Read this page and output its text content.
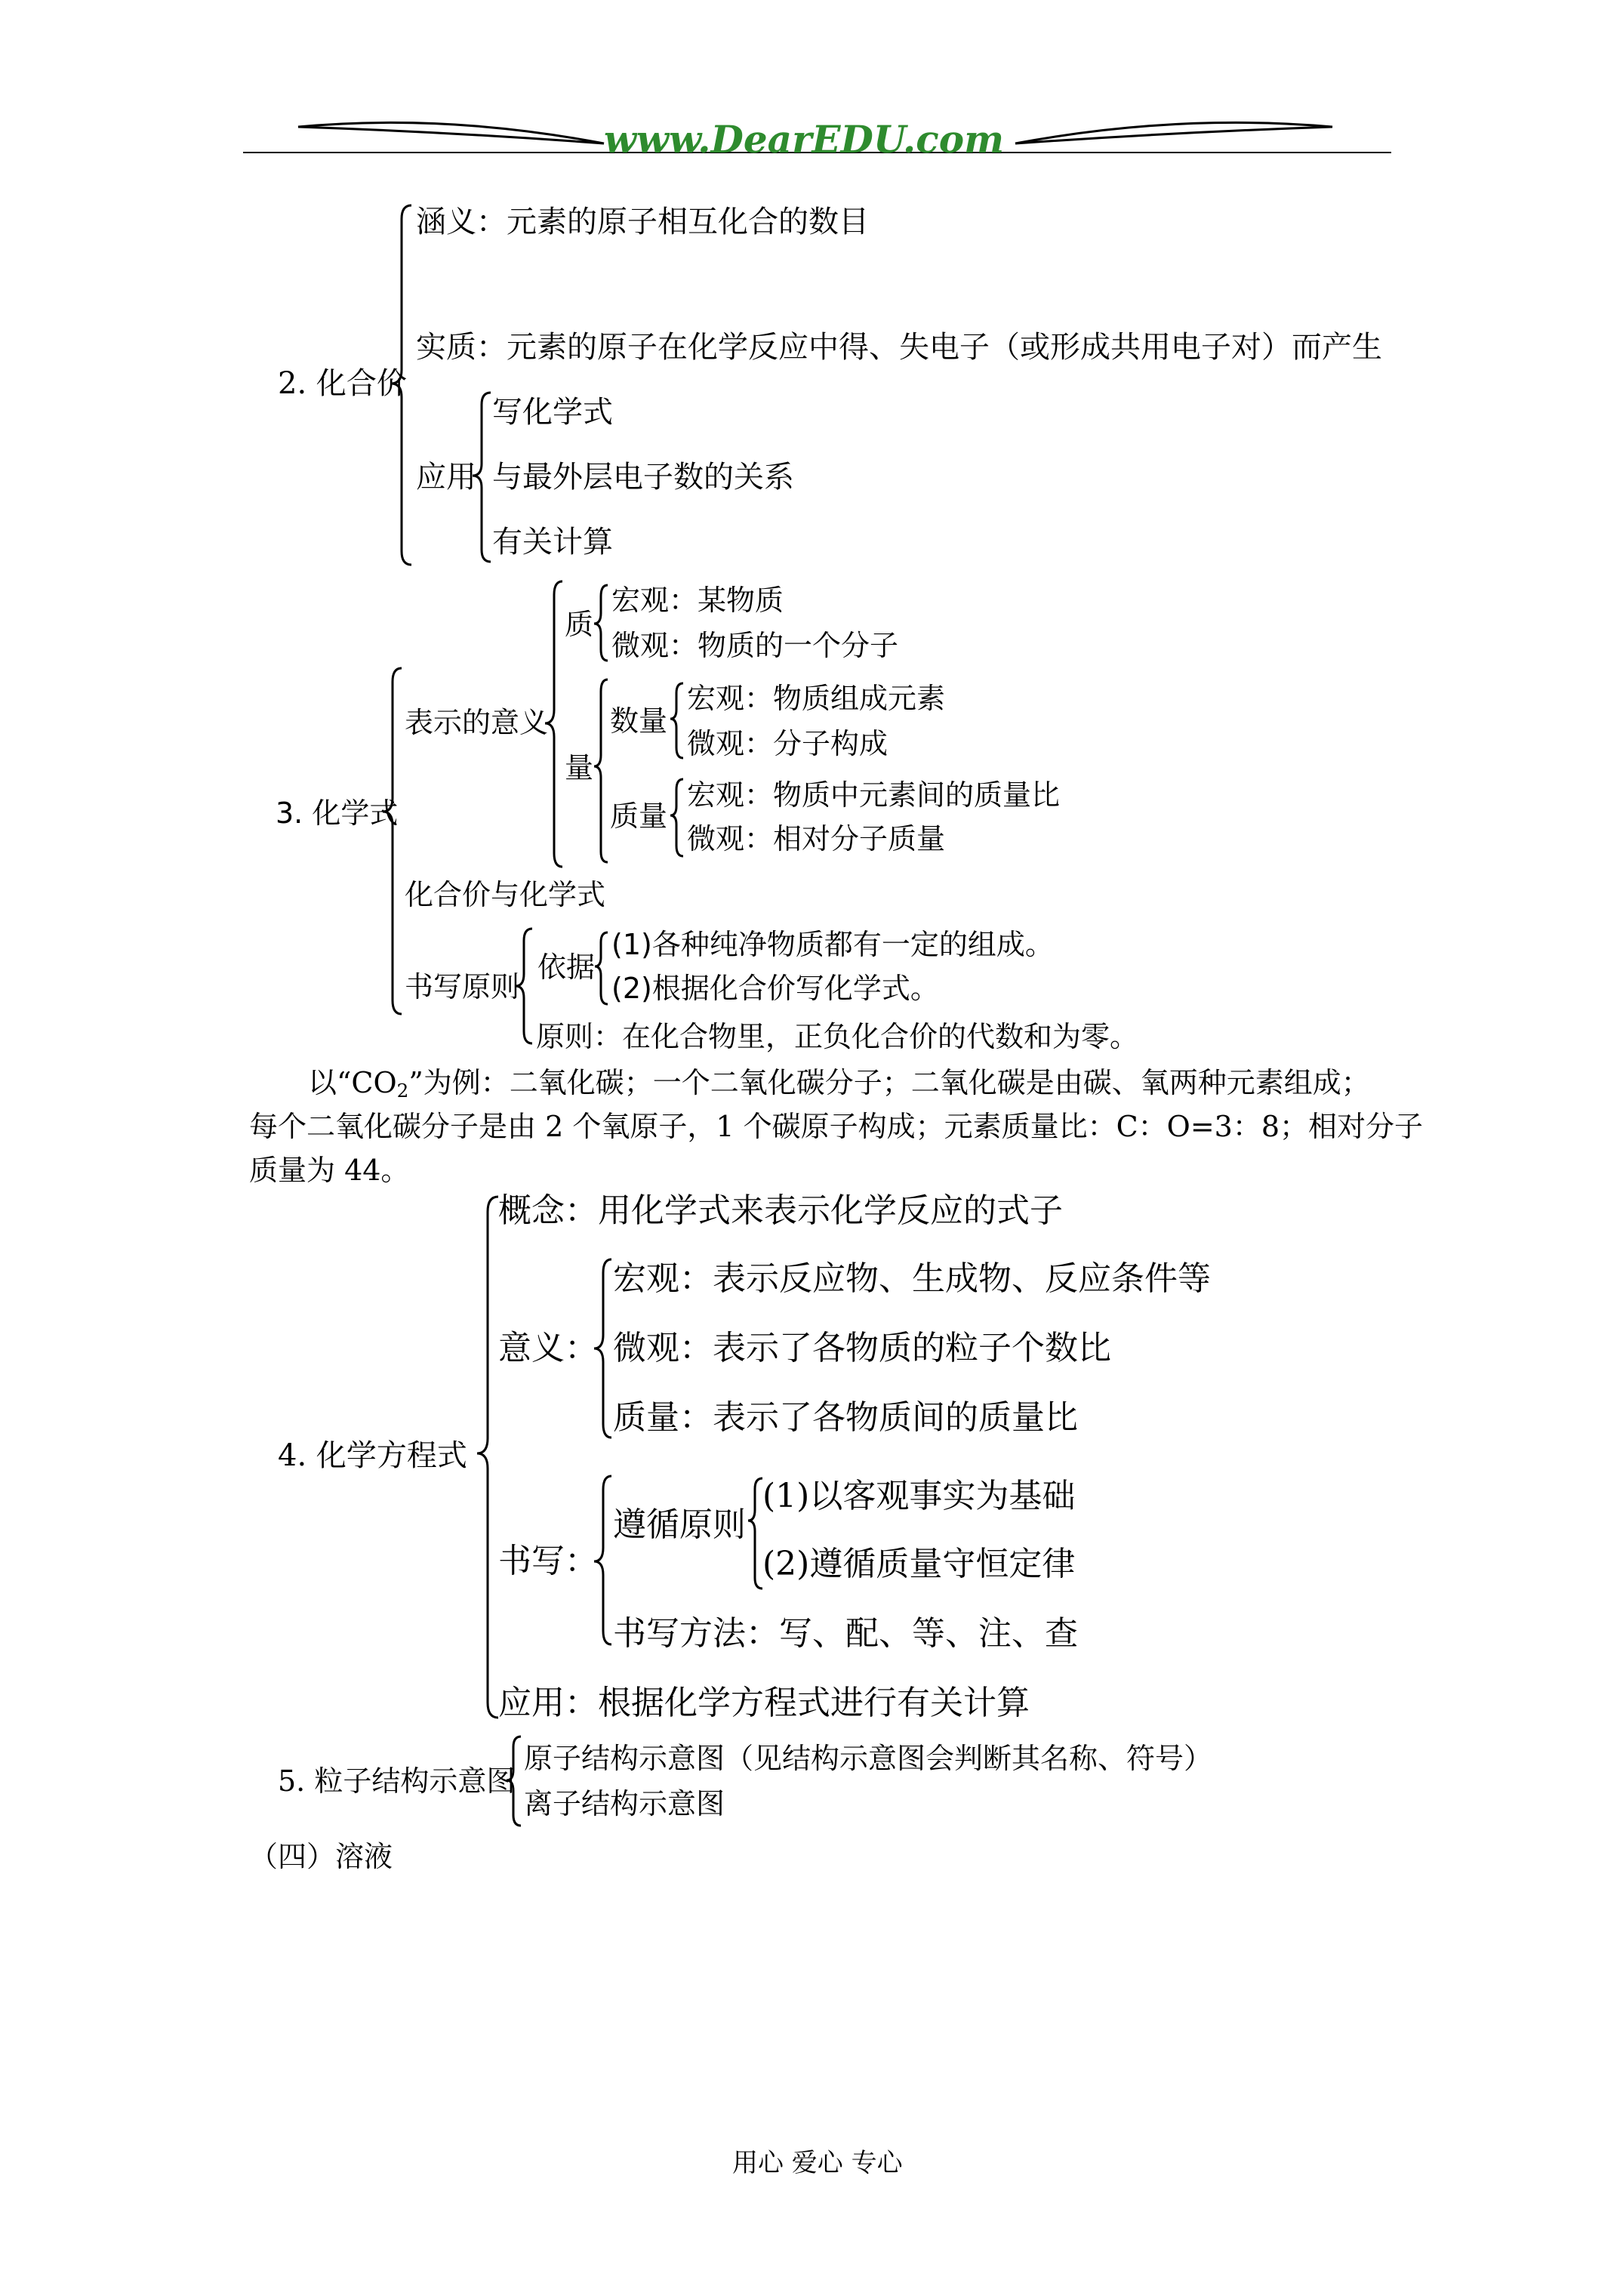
www.DearEDU.com
2. 化合价
涵义：元素的原子相互化合的数目
实质：元素的原子在化学反应中得、失电子（或形成共用电子对）而产生
应用
写化学式
与最外层电子数的关系
有关计算
3. 化学式
表示的意义
质
宏观：某物质
微观：物质的一个分子
量
数量
宏观：物质组成元素
微观：分子构成
质量
宏观：物质中元素间的质量比
微观：相对分子质量
化合价与化学式
书写原则
依据
(1)各种纯净物质都有一定的组成。
(2)根据化合价写化学式。
原则：在化合物里，正负化合价的代数和为零。
以“$CO_2$”为例：二氧化碳；一个二氧化碳分子；二氧化碳是由碳、氧两种元素组成；
每个二氧化碳分子是由 2 个氧原子，1 个碳原子构成；元素质量比：C：O=3：8；相对分子
质量为 44。
4. 化学方程式
概念：用化学式来表示化学反应的式子
意义：
宏观：表示反应物、生成物、反应条件等
微观：表示了各物质的粒子个数比
质量：表示了各物质间的质量比
书写：
遵循原则
(1)以客观事实为基础
(2)遵循质量守恒定律
书写方法：写、配、等、注、查
应用：根据化学方程式进行有关计算
5. 粒子结构示意图
原子结构示意图（见结构示意图会判断其名称、符号）
离子结构示意图
（四）溶液
用心 爱心 专心
